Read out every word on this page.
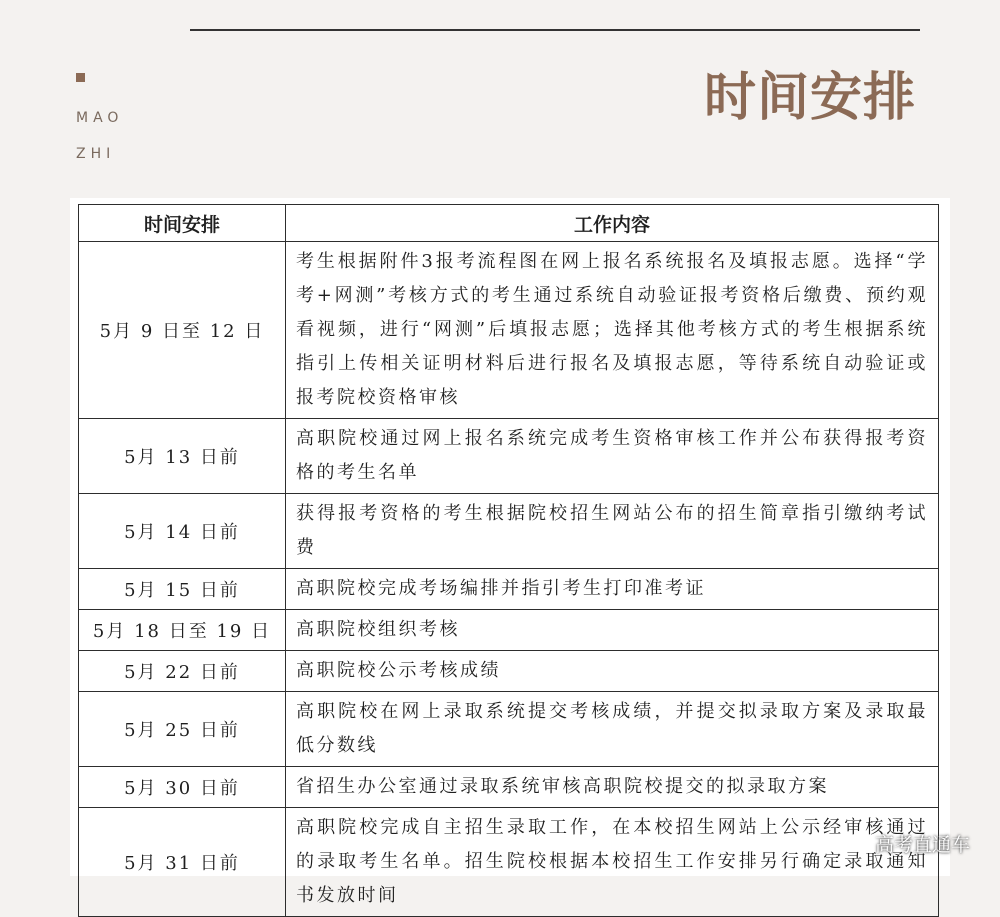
MAO
ZHI
时间安排
时间安排	工作内容
5月 9 日至 12 日	考生根据附件3报考流程图在网上报名系统报名及填报志愿。选择“学考+网测”考核方式的考生通过系统自动验证报考资格后缴费、预约观看视频，进行“网测”后填报志愿；选择其他考核方式的考生根据系统指引上传相关证明材料后进行报名及填报志愿，等待系统自动验证或报考院校资格审核
5月 13 日前	高职院校通过网上报名系统完成考生资格审核工作并公布获得报考资格的考生名单
5月 14 日前	获得报考资格的考生根据院校招生网站公布的招生简章指引缴纳考试费
5月 15 日前	高职院校完成考场编排并指引考生打印准考证
5月 18 日至 19 日	高职院校组织考核
5月 22 日前	高职院校公示考核成绩
5月 25 日前	高职院校在网上录取系统提交考核成绩，并提交拟录取方案及录取最低分数线
5月 30 日前	省招生办公室通过录取系统审核高职院校提交的拟录取方案
5月 31 日前	高职院校完成自主招生录取工作，在本校招生网站上公示经审核通过的录取考生名单。招生院校根据本校招生工作安排另行确定录取通知书发放时间
高考直通车
